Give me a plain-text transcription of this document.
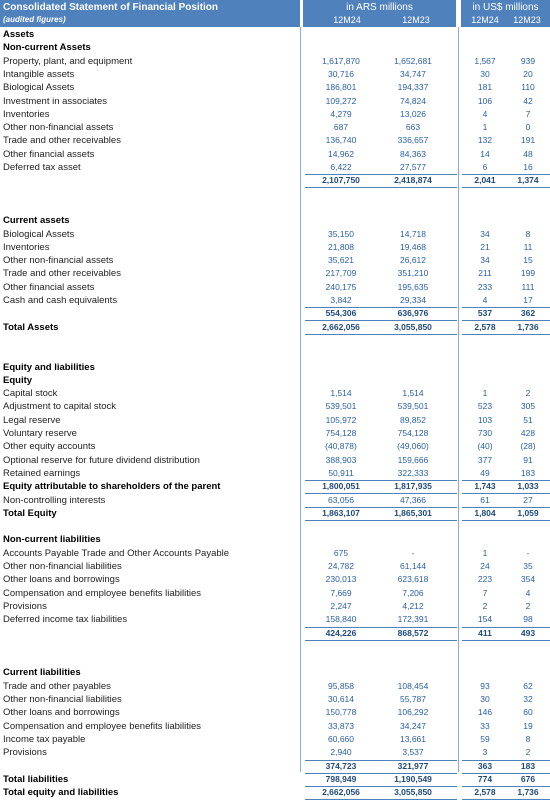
Consolidated Statement of Financial Position
(audited figures)
in ARS millions
12M24	12M23
in US$ millions
12M24	12M23
Assets
Non-current Assets
Property, plant, and equipment	1,617,870	1,652,681	1,567	939
Intangible assets	30,716	34,747	30	20
Biological Assets	186,801	194,337	181	110
Investment in associates	109,272	74,824	106	42
Inventories	4,279	13,026	4	7
Other non-financial assets	687	663	1	0
Trade and other receivables	136,740	336,657	132	191
Other financial assets	14,962	84,363	14	48
Deferred tax asset	6,422	27,577	6	16
2,107,750	2,418,874	2,041	1,374
Current assets
Biological Assets	35,150	14,718	34	8
Inventories	21,808	19,468	21	11
Other non-financial assets	35,621	26,612	34	15
Trade and other receivables	217,709	351,210	211	199
Other financial assets	240,175	195,635	233	111
Cash and cash equivalents	3,842	29,334	4	17
554,306	636,976	537	362
Total Assets	2,662,056	3,055,850	2,578	1,736
Equity and liabilities
Equity
Capital stock	1,514	1,514	1	2
Adjustment to capital stock	539,501	539,501	523	305
Legal reserve	105,972	89,852	103	51
Voluntary reserve	754,128	754,128	730	428
Other equity accounts	(40,878)	(49,060)	(40)	(28)
Optional reserve for future dividend distribution	388,903	159,666	377	91
Retained earnings	50,911	322,333	49	183
Equity attributable to shareholders of the parent	1,800,051	1,817,935	1,743	1,033
Non-controlling interests	63,056	47,366	61	27
Total Equity	1,863,107	1,865,301	1,804	1,059
Non-current liabilities
Accounts Payable Trade and Other Accounts Payable	675	-	1	-
Other non-financial liabilities	24,782	61,144	24	35
Other loans and borrowings	230,013	623,618	223	354
Compensation and employee benefits liabilities	7,669	7,206	7	4
Provisions	2,247	4,212	2	2
Deferred income tax liabilities	158,840	172,391	154	98
424,226	868,572	411	493
Current liabilities
Trade and other payables	95,858	108,454	93	62
Other non-financial liabilities	30,614	55,787	30	32
Other loans and borrowings	150,778	106,292	146	60
Compensation and employee benefits liabilities	33,873	34,247	33	19
Income tax payable	60,660	13,661	59	8
Provisions	2,940	3,537	3	2
374,723	321,977	363	183
Total liabilities	798,949	1,190,549	774	676
Total equity and liabilities	2,662,056	3,055,850	2,578	1,736
